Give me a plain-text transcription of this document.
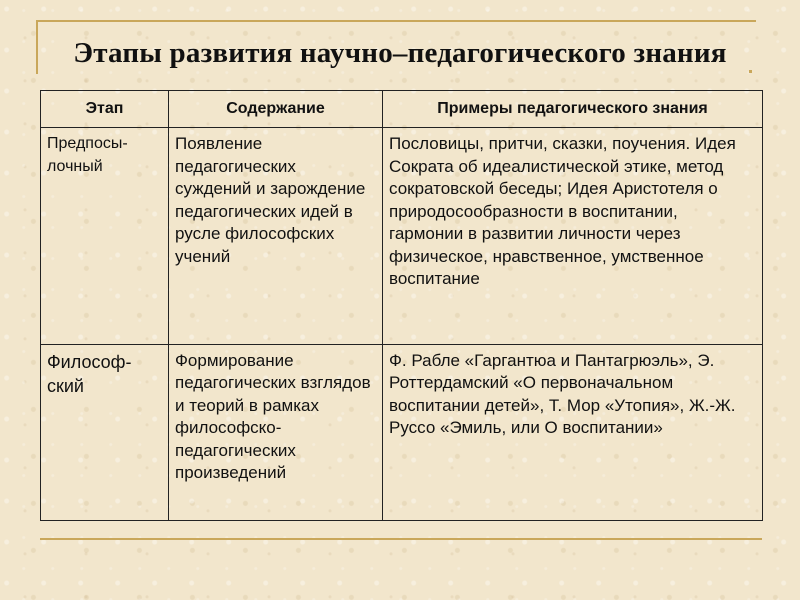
Этапы развития научно–педагогического знания
Этап	Содержание	Примеры педагогического знания
Предпосы-лочный	Появление педагогических суждений и зарождение педагогических идей в русле философских учений	Пословицы, притчи, сказки, поучения. Идея Сократа об идеалистической этике, метод сократовской беседы; Идея Аристотеля о природосообразности в воспитании, гармонии в развитии личности через физическое, нравственное, умственное воспитание
Философ-ский	Формирование педагогических взглядов и теорий в рамках философско-педагогических произведений	Ф. Рабле «Гаргантюа и Пантагрюэль», Э. Роттердамский «О первоначальном воспитании детей», Т. Мор «Утопия», Ж.-Ж. Руссо «Эмиль, или О воспитании»
